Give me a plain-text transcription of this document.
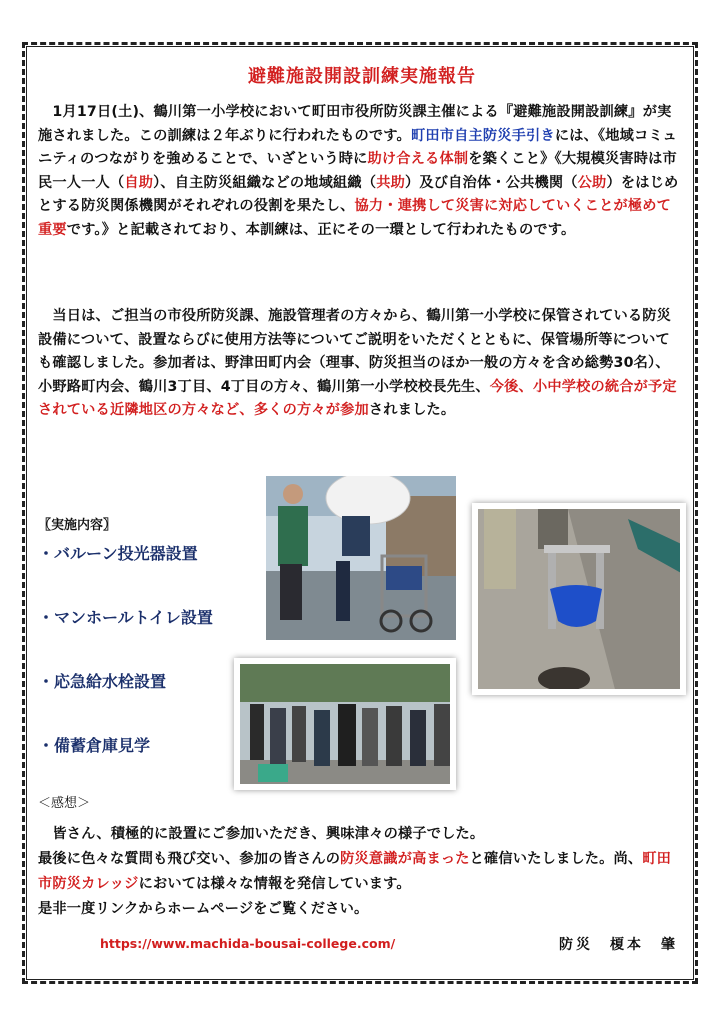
避難施設開設訓練実施報告
　1月17日(土)、鶴川第一小学校において町田市役所防災課主催による『避難施設開設訓練』が実施されました。この訓練は２年ぶりに行われたものです。町田市自主防災手引きには、《地域コミュニティのつながりを強めることで、いざという時に助け合える体制を築くこと》《大規模災害時は市民一人一人（自助）、自主防災組織などの地域組織（共助）及び自治体・公共機関（公助）をはじめとする防災関係機関がそれぞれの役割を果たし、協力・連携して災害に対応していくことが極めて重要です。》と記載されており、本訓練は、正にその一環として行われたものです。
　当日は、ご担当の市役所防災課、施設管理者の方々から、鶴川第一小学校に保管されている防災設備について、設置ならびに使用方法等についてご説明をいただくとともに、保管場所等についても確認しました。参加者は、野津田町内会（理事、防災担当のほか一般の方々を含め総勢30名）、小野路町内会、鶴川3丁目、4丁目の方々、鶴川第一小学校校長先生、今後、小中学校の統合が予定されている近隣地区の方々など、多くの方々が参加されました。
〖実施内容〗
・バルーン投光器設置
・マンホールトイレ設置
・応急給水栓設置
・備蓄倉庫見学
＜感想＞
　皆さん、積極的に設置にご参加いただき、興味津々の様子でした。
最後に色々な質問も飛び交い、参加の皆さんの防災意識が高まったと確信いたしました。尚、町田市防災カレッジにおいては様々な情報を発信しています。
是非一度リンクからホームページをご覧ください。
https://www.machida-bousai-college.com/	防災　榎本　肇
